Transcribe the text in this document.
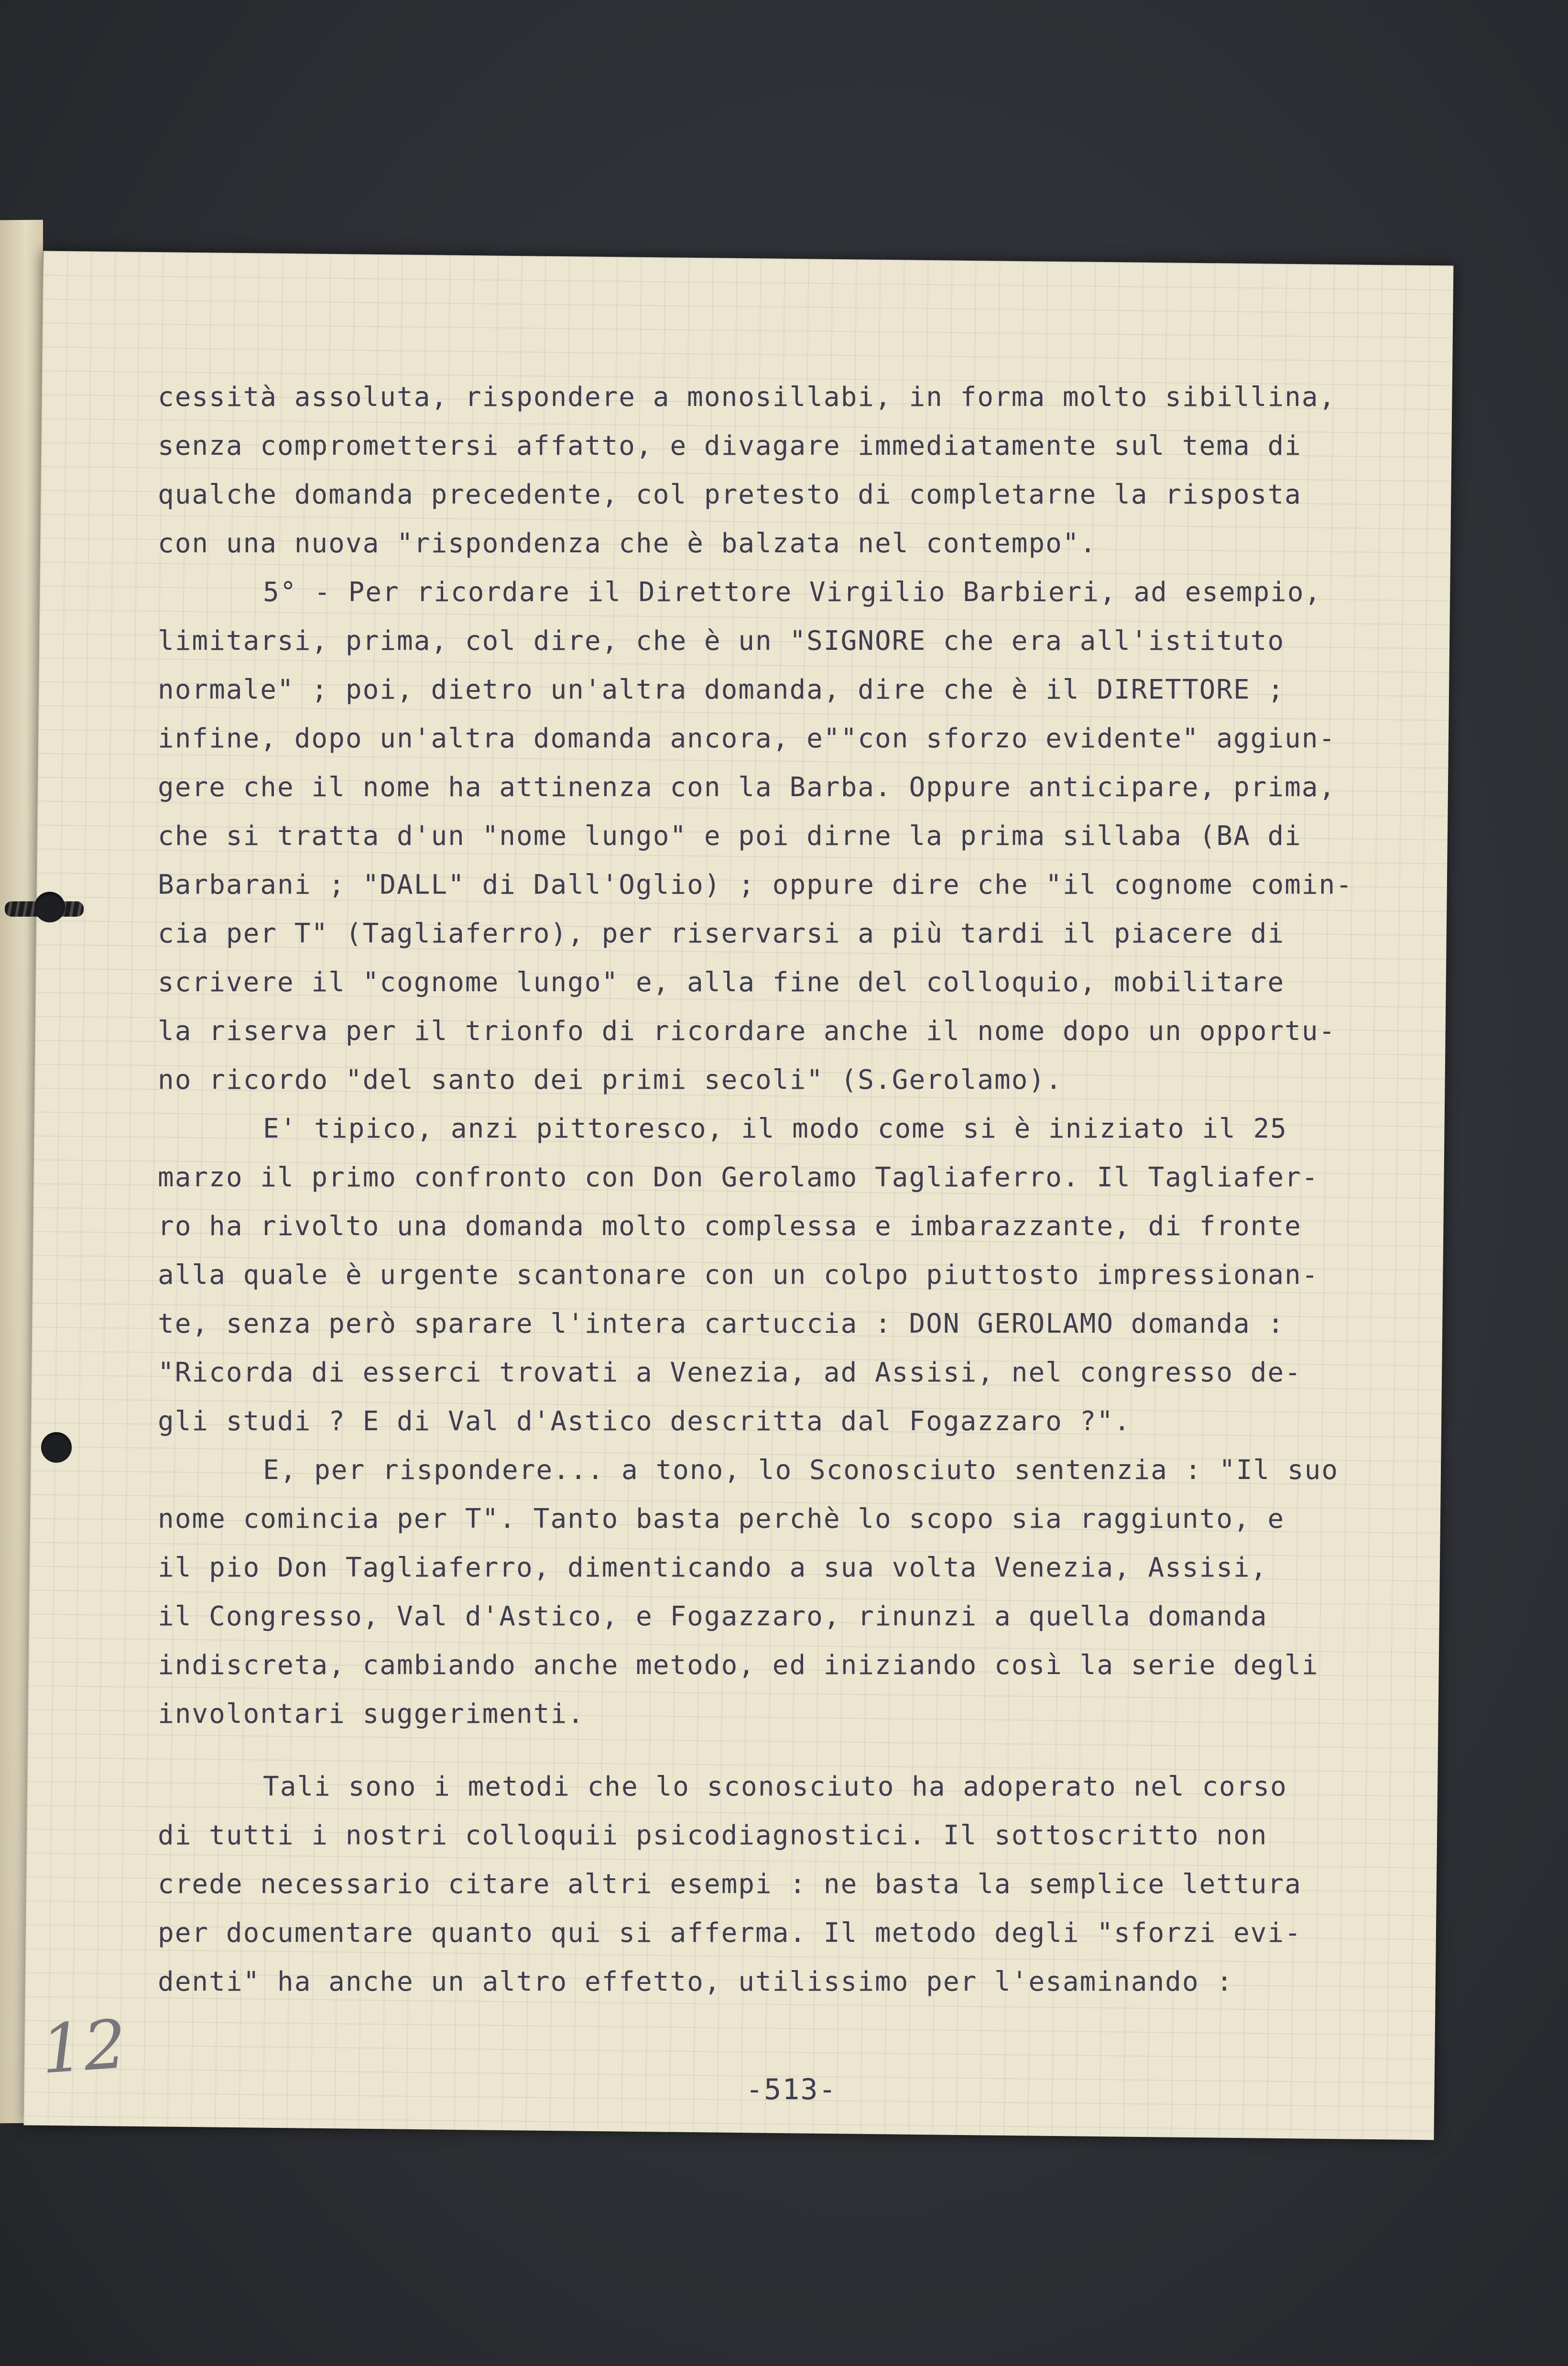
cessità assoluta, rispondere a monosillabi, in forma molto sibillina,
senza compromettersi affatto, e divagare immediatamente sul tema di
qualche domanda precedente, col pretesto di completarne la risposta
con una nuova "rispondenza che è balzata nel contempo".
5° - Per ricordare il Direttore Virgilio Barbieri, ad esempio,
limitarsi, prima, col dire, che è un "SIGNORE che era all'istituto
normale" ; poi, dietro un'altra domanda, dire che è il DIRETTORE ;
infine, dopo un'altra domanda ancora, e""con sforzo evidente" aggiun-
gere che il nome ha attinenza con la Barba. Oppure anticipare, prima,
che si tratta d'un "nome lungo" e poi dirne la prima sillaba (BA di
Barbarani ; "DALL" di Dall'Oglio) ; oppure dire che "il cognome comin-
cia per T" (Tagliaferro), per riservarsi a più tardi il piacere di
scrivere il "cognome lungo" e, alla fine del colloquio, mobilitare
la riserva per il trionfo di ricordare anche il nome dopo un opportu-
no ricordo "del santo dei primi secoli" (S.Gerolamo).
E' tipico, anzi pittoresco, il modo come si è iniziato il 25
marzo il primo confronto con Don Gerolamo Tagliaferro. Il Tagliafer-
ro ha rivolto una domanda molto complessa e imbarazzante, di fronte
alla quale è urgente scantonare con un colpo piuttosto impressionan-
te, senza però sparare l'intera cartuccia : DON GEROLAMO domanda :
"Ricorda di esserci trovati a Venezia, ad Assisi, nel congresso de-
gli studi ? E di Val d'Astico descritta dal Fogazzaro ?".
E, per rispondere... a tono, lo Sconosciuto sentenzia : "Il suo
nome comincia per T". Tanto basta perchè lo scopo sia raggiunto, e
il pio Don Tagliaferro, dimenticando a sua volta Venezia, Assisi,
il Congresso, Val d'Astico, e Fogazzaro, rinunzi a quella domanda
indiscreta, cambiando anche metodo, ed iniziando così la serie degli
involontari suggerimenti.
Tali sono i metodi che lo sconosciuto ha adoperato nel corso
di tutti i nostri colloquii psicodiagnostici. Il sottoscritto non
crede necessario citare altri esempi : ne basta la semplice lettura
per documentare quanto qui si afferma. Il metodo degli "sforzi evi-
denti" ha anche un altro effetto, utilissimo per l'esaminando :
12
-513-
